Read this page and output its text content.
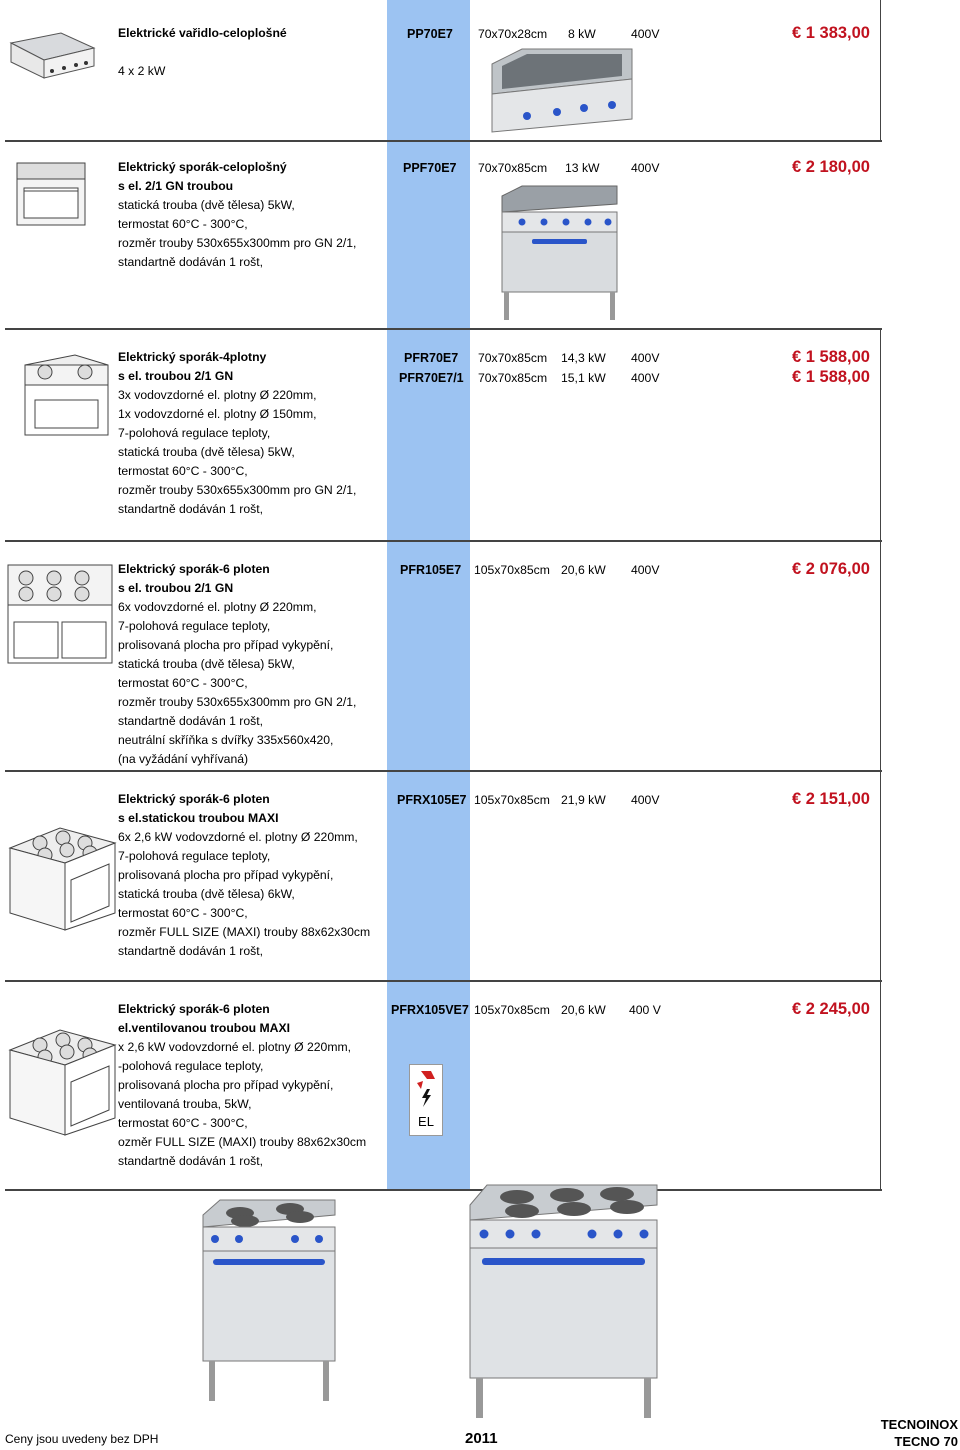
Elektrické vařidlo-celoplošné
4 x 2 kW
PP70E7 70x70x28cm 8 kW	400V	€ 1 383,00
Elektrický sporák-celoplošný
s el. 2/1 GN troubou
statická trouba (dvě tělesa) 5kW,
termostat 60°C - 300°C,
rozměr trouby 530x655x300mm pro GN 2/1,
standartně dodáván 1 rošt,
PPF70E7 70x70x85cm 13 kW	400V	€ 2 180,00
Elektrický sporák-4plotny
s el. troubou 2/1 GN
3x vodovzdorné el. plotny Ø 220mm,
1x vodovzdorné el. plotny Ø 150mm,
7-polohová regulace teploty,
statická trouba (dvě tělesa) 5kW,
termostat 60°C - 300°C,
rozměr trouby 530x655x300mm pro GN 2/1,
standartně dodáván 1 rošt,
PFR70E7 70x70x85cm 14,3 kW 400V	€ 1 588,00
PFR70E7/1 70x70x85cm 15,1 kW 400V	€ 1 588,00
Elektrický sporák-6 ploten
s el. troubou 2/1 GN
6x vodovzdorné el. plotny Ø 220mm,
7-polohová regulace teploty,
prolisovaná plocha pro případ vykypění,
statická trouba (dvě tělesa) 5kW,
termostat 60°C - 300°C,
rozměr trouby 530x655x300mm pro GN 2/1,
standartně dodáván 1 rošt,
neutrální skříňka s dvířky 335x560x420,
(na vyžádání vyhřívaná)
PFR105E7 105x70x85cm 20,6 kW 400V	€ 2 076,00
Elektrický sporák-6 ploten
s el.statickou troubou MAXI
6x 2,6 kW vodovzdorné el. plotny Ø 220mm,
7-polohová regulace teploty,
prolisovaná plocha pro případ vykypění,
statická trouba (dvě tělesa) 6kW,
termostat 60°C - 300°C,
rozměr FULL SIZE (MAXI) trouby 88x62x30cm
standartně dodáván 1 rošt,
PFRX105E7 105x70x85cm 21,9 kW 400V	€ 2 151,00
Elektrický sporák-6 ploten
el.ventilovanou troubou MAXI
x 2,6 kW vodovzdorné el. plotny Ø 220mm,
-polohová regulace teploty,
prolisovaná plocha pro případ vykypění,
ventilovaná trouba, 5kW,
termostat 60°C - 300°C,
ozměr FULL SIZE (MAXI) trouby 88x62x30cm
standartně dodáván 1 rošt,
PFRX105VE7 105x70x85cm 20,6 kW 400 V	€ 2 245,00
EL
Ceny jsou uvedeny bez DPH	2011
TECNOINOX
TECNO 70
